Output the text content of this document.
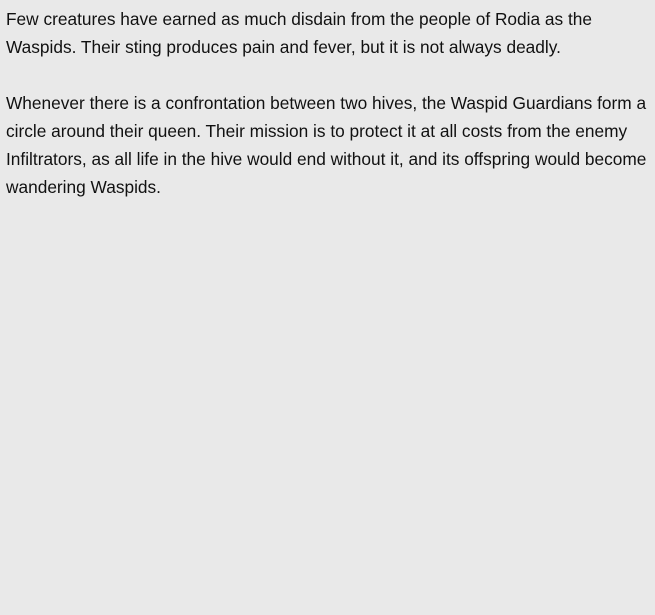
Few creatures have earned as much disdain from the people of Rodia as the Waspids. Their sting produces pain and fever, but it is not always deadly.

Whenever there is a confrontation between two hives, the Waspid Guardians form a circle around their queen. Their mission is to protect it at all costs from the enemy Infiltrators, as all life in the hive would end without it, and its offspring would become wandering Waspids.
